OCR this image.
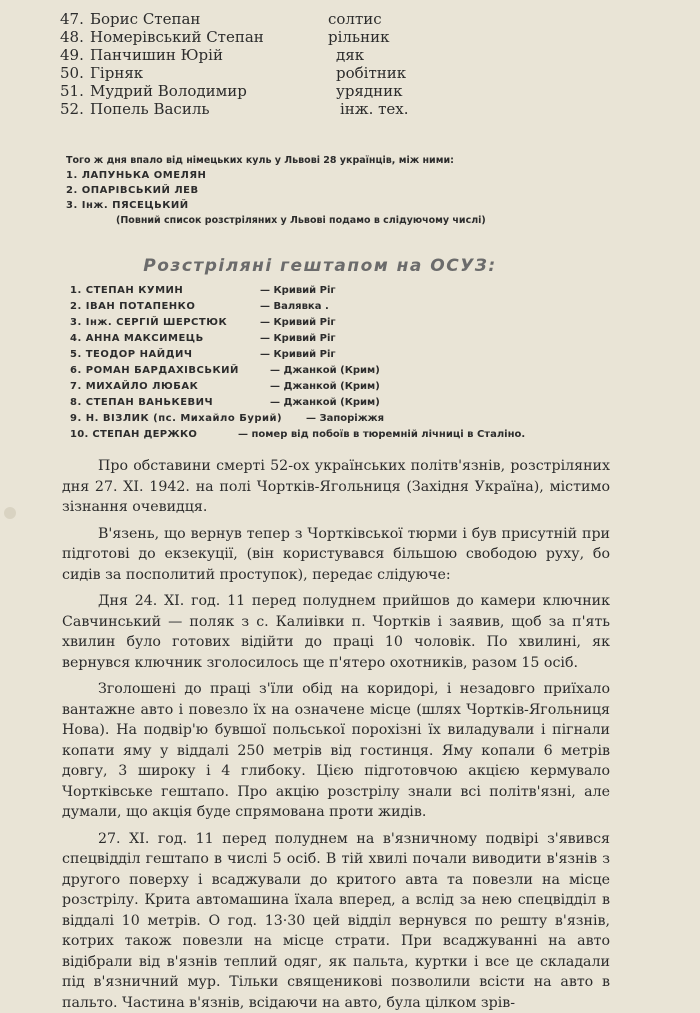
47. Борис Степан	солтис
48. Номерівський Степан	рільник
49. Панчишин Юрій	дяк
50. Гірняк	робітник
51. Мудрий Володимир	урядник
52. Попель Василь	інж. тех.
Того ж дня впало від німецьких куль у Львові 28 українців, між ними:
1. ЛАПУНЬКА ОМЕЛЯН
2. ОПАРІВСЬКИЙ ЛЕВ
3. Інж. ПЯСЕЦЬКИЙ
(Повний список розстріляних у Львові подамо в слідуючому числі)
Розстріляні гештапом на ОСУЗ:
1. СТЕПАН КУМИН	— Кривий Ріг
2. ІВАН ПОТАПЕНКО	— Валявка .
3. Інж. СЕРГІЙ ШЕРСТЮК	— Кривий Ріг
4. АННА МАКСИМЕЦЬ	— Кривий Ріг
5. ТЕОДОР НАЙДИЧ	— Кривий Ріг
6. РОМАН БАРДАХІВСЬКИЙ	— Джанкой (Крим)
7. МИХАЙЛО ЛЮБАК	— Джанкой (Крим)
8. СТЕПАН ВАНЬКЕВИЧ	— Джанкой (Крим)
9. Н. ВІЗЛИК (пс. Михайло Бурий) — Запоріжжя
10. СТЕПАН ДЕРЖКО	— помер від побоїв в тюремній лічниці в Сталіно.

Про обставини смерті 52-ох українських політв'язнів, розстріляних дня 27. XI. 1942. на полі Чортків-Ягольниця (Західня Україна), містимо зізнання очевидця.

В'язень, що вернув тепер з Чортківської тюрми і був присутній при підготові до екзекуції, (він користувався більшою свободою руху, бо сидів за посполитий проступок), передає слідуюче:

Дня 24. XI. год. 11 перед полуднем прийшов до камери ключник Савчинський — поляк з с. Калиівки п. Чортків і заявив, щоб за п'ять хвилин було готових відійти до праці 10 чоловік. По хвилині, як вернувся ключник зголосилось ще п'ятеро охотників, разом 15 осіб.

Зголошені до праці з'їли обід на коридорі, і незадовго приїхало вантажне авто і повезло їх на означене місце (шлях Чортків-Ягольниця Нова). На подвір'ю бувшої польської порохізні їх виладували і пігнали копати яму у віддалі 250 метрів від гостинця. Яму копали 6 метрів довгу, 3 широку і 4 глибоку. Цією підготовчою акцією кермувало Чортківське гештапо. Про акцію розстрілу знали всі політв'язні, але думали, що акція буде спрямована проти жидів.

27. XI. год. 11 перед полуднем на в'язничному подвірі з'явився спецвідділ гештапо в числі 5 осіб. В тій хвилі почали виводити в'язнів з другого поверху і всаджували до критого авта та повезли на місце розстрілу. Крита автомашина їхала вперед, а вслід за нею спецвідділ в віддалі 10 метрів. О год. 13·30 цей відділ вернувся по решту в'язнів, котрих також повезли на місце страти. При всаджуванні на авто відібрали від в'язнів теплий одяг, як пальта, куртки і все це складали під в'язничний мур. Тільки священикові позволили всісти на авто в пальто. Частина в'язнів, всідаючи на авто, була цілком зрів-
